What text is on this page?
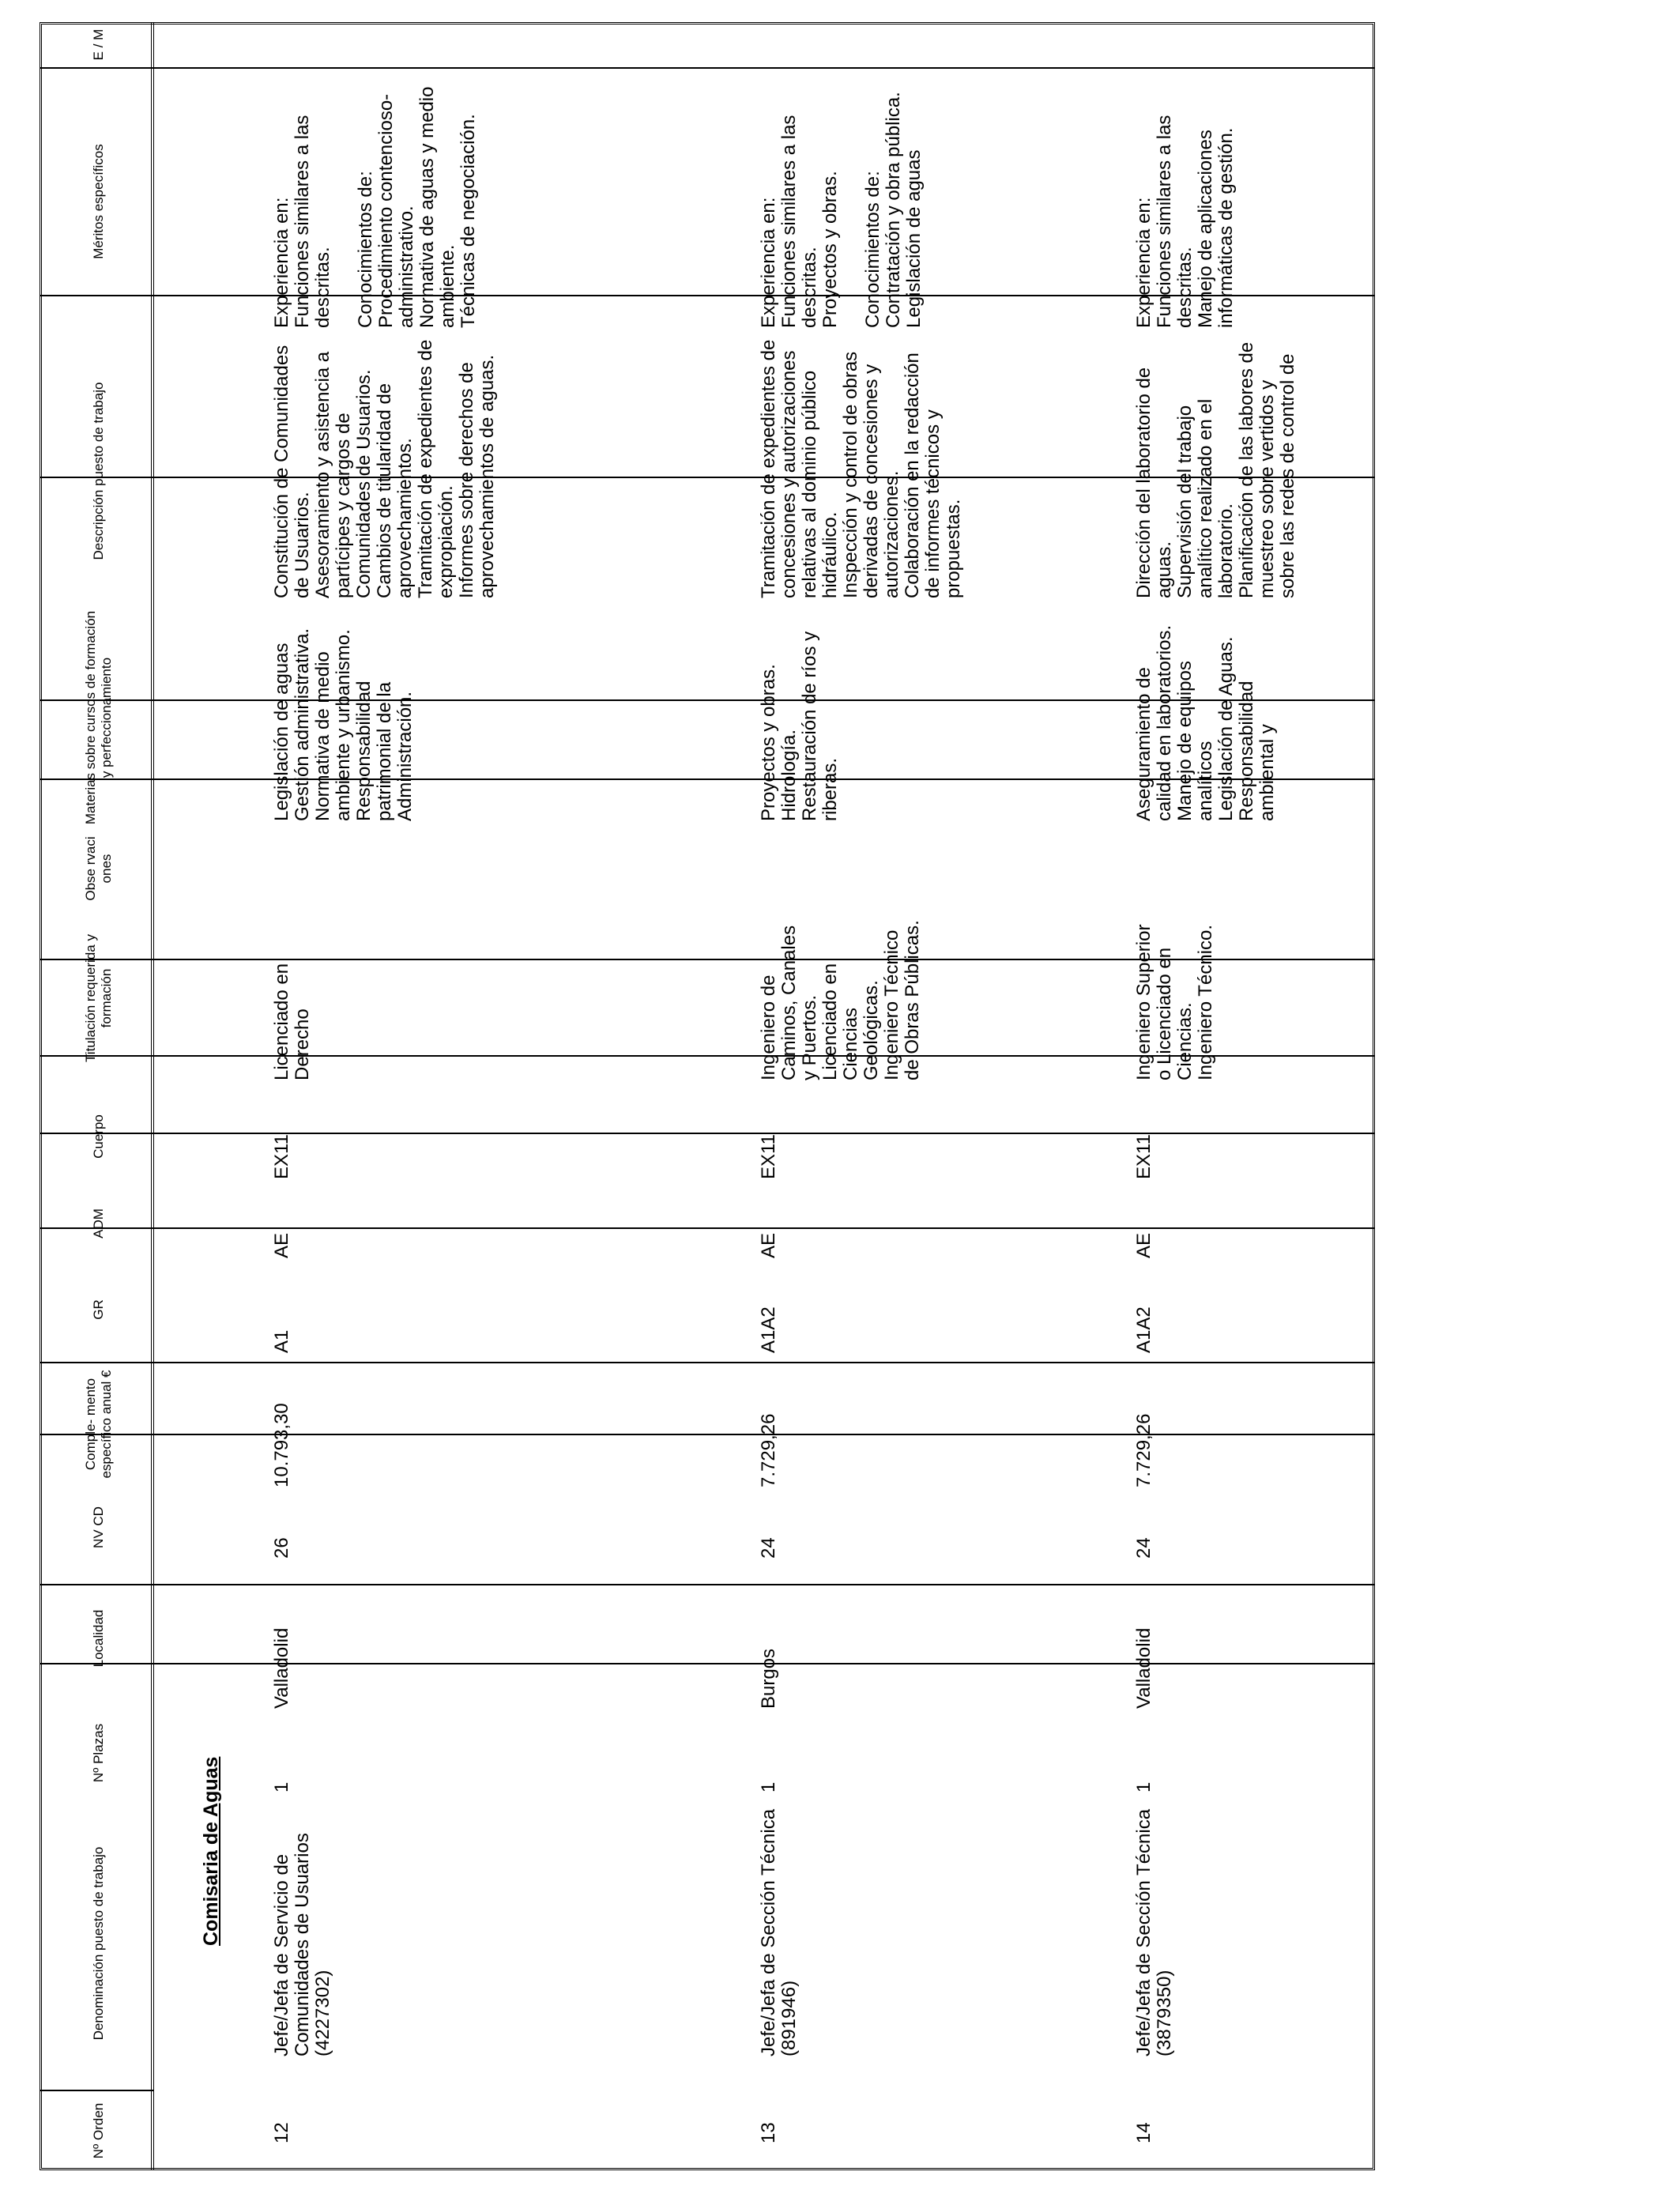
Nº Orden
Denominación puesto de trabajo
Nº Plazas
Localidad
NV CD
Comple- mento específico anual €
GR
ADM
Cuerpo
Titulación requerida y formación
Obse rvaci ones
Materias sobre cursos de formación y perfeccionamiento
Descripción puesto de trabajo
Méritos específicos
E / M
Comisaria de Aguas
12
Jefe/Jefa de Servicio de Comunidades de Usuarios (4227302)
1
Valladolid
26
10.793,30
A1
AE
EX11

Licenciado en Derecho

Legislación de aguas Gestión administrativa. Normativa de medio ambiente y urbanismo. Responsabilidad patrimonial de la Administración.

Constitución de Comunidades de Usuarios. Asesoramiento y asistencia a partícipes y cargos de Comunidades de Usuarios. Cambios de titularidad de aprovechamientos. Tramitación de expedientes de expropiación. Informes sobre derechos de aprovechamientos de aguas.

Experiencia en: Funciones similares a las descritas. Conocimientos de: Procedimiento contencioso-administrativo. Normativa de aguas y medio ambiente. Técnicas de negociación.

13
Jefe/Jefa de Sección Técnica (891946)
1
Burgos
24
7.729,26
A1A2
AE
EX11

Ingeniero de Caminos, Canales y Puertos. Licenciado en Ciencias Geológicas. Ingeniero Técnico de Obras Públicas.

Proyectos y obras. Hidrología. Restauración de ríos y riberas.

Tramitación de expedientes de concesiones y autorizaciones relativas al dominio público hidráulico. Inspección y control de obras derivadas de concesiones y autorizaciones. Colaboración en la redacción de informes técnicos y propuestas.

Experiencia en: Funciones similares a las descritas. Proyectos y obras. Conocimientos de: Contratación y obra pública. Legislación de aguas

14
Jefe/Jefa de Sección Técnica (3879350)
1
Valladolid
24
7.729,26
A1A2
AE
EX11

Ingeniero Superior o Licenciado en Ciencias. Ingeniero Técnico.

Aseguramiento de calidad en laboratorios. Manejo de equipos analíticos Legislación de Aguas. Responsabilidad ambiental y

Dirección del laboratorio de aguas. Supervisión del trabajo analítico realizado en el laboratorio. Planificación de las labores de muestreo sobre vertidos y sobre las redes de control de

Experiencia en: Funciones similares a las descritas. Manejo de aplicaciones informáticas de gestión.
